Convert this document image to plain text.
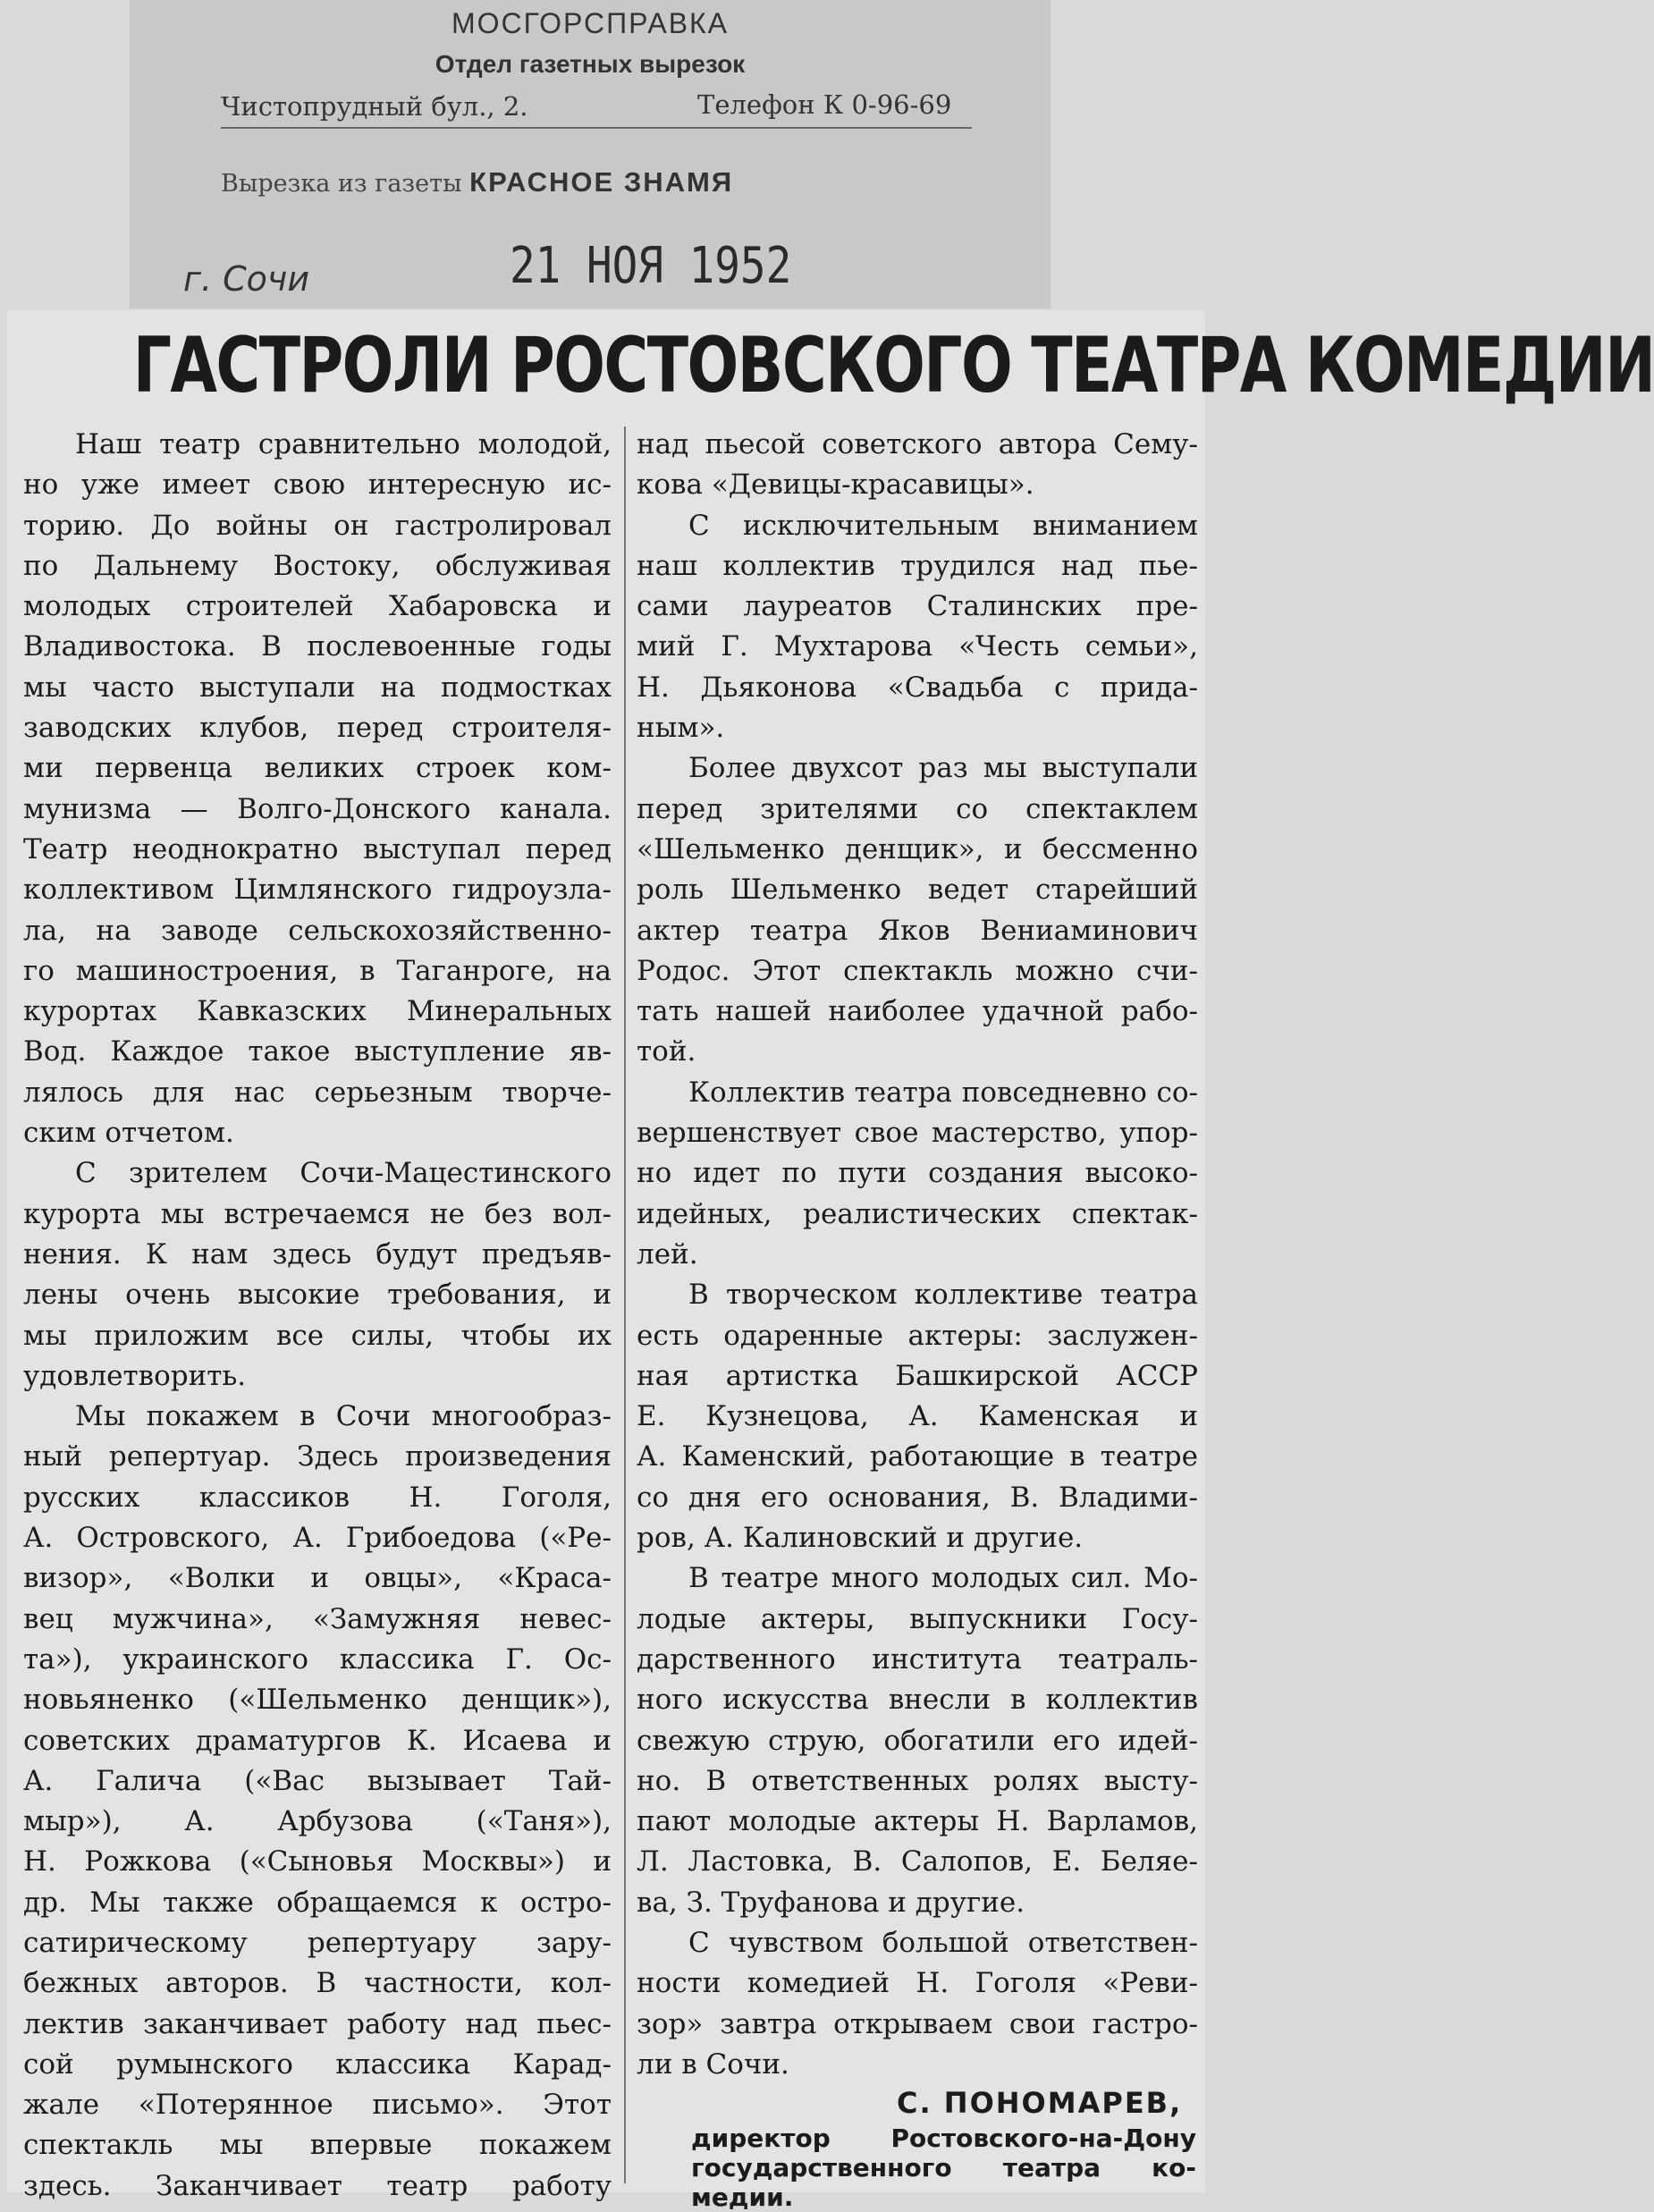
МОСГОРСПРАВКА
Отдел газетных вырезок
Чистопрудный бул., 2.	Телефон К 0-96-69
Вырезка из газеты КРАСНОЕ ЗНАМЯ
г. Сочи	21 НОЯ 1952
ГАСТРОЛИ РОСТОВСКОГО ТЕАТРА КОМЕДИИ
Наш театр сравнительно молодой,
но уже имеет свою интересную ис-
торию. До войны он гастролировал
по Дальнему Востоку, обслуживая
молодых строителей Хабаровска и
Владивостока. В послевоенные годы
мы часто выступали на подмостках
заводских клубов, перед строителя-
ми первенца великих строек ком-
мунизма — Волго-Донского канала.
Театр неоднократно выступал перед
коллективом Цимлянского гидроузла-
ла, на заводе сельскохозяйственно-
го машиностроения, в Таганроге, на
курортах Кавказских Минеральных
Вод. Каждое такое выступление яв-
лялось для нас серьезным творче-
ским отчетом.
С зрителем Сочи-Мацестинского
курорта мы встречаемся не без вол-
нения. К нам здесь будут предъяв-
лены очень высокие требования, и
мы приложим все силы, чтобы их
удовлетворить.
Мы покажем в Сочи многообраз-
ный репертуар. Здесь произведения
русских классиков Н. Гоголя,
А. Островского, А. Грибоедова («Ре-
визор», «Волки и овцы», «Краса-
вец мужчина», «Замужняя невес-
та»), украинского классика Г. Ос-
новьяненко («Шельменко денщик»),
советских драматургов К. Исаева и
А. Галича («Вас вызывает Тай-
мыр»), А. Арбузова («Таня»),
Н. Рожкова («Сыновья Москвы») и
др. Мы также обращаемся к остро-
сатирическому репертуару зару-
бежных авторов. В частности, кол-
лектив заканчивает работу над пьес-
сой румынского классика Карад-
жале «Потерянное письмо». Этот
спектакль мы впервые покажем
здесь. Заканчивает театр работу
над пьесой советского автора Сему-
кова «Девицы-красавицы».
С исключительным вниманием
наш коллектив трудился над пье-
сами лауреатов Сталинских пре-
мий Г. Мухтарова «Честь семьи»,
Н. Дьяконова «Свадьба с прида-
ным».
Более двухсот раз мы выступали
перед зрителями со спектаклем
«Шельменко денщик», и бессменно
роль Шельменко ведет старейший
актер театра Яков Вениаминович
Родос. Этот спектакль можно счи-
тать нашей наиболее удачной рабо-
той.
Коллектив театра повседневно со-
вершенствует свое мастерство, упор-
но идет по пути создания высоко-
идейных, реалистических спектак-
лей.
В творческом коллективе театра
есть одаренные актеры: заслужен-
ная артистка Башкирской АССР
Е. Кузнецова, А. Каменская и
А. Каменский, работающие в театре
со дня его основания, В. Владими-
ров, А. Калиновский и другие.
В театре много молодых сил. Мо-
лодые актеры, выпускники Госу-
дарственного института театраль-
ного искусства внесли в коллектив
свежую струю, обогатили его идей-
но. В ответственных ролях высту-
пают молодые актеры Н. Варламов,
Л. Ластовка, В. Салопов, Е. Беляе-
ва, З. Труфанова и другие.
С чувством большой ответствен-
ности комедией Н. Гоголя «Реви-
зор» завтра открываем свои гастро-
ли в Сочи.
С. ПОНОМАРЕВ,
директор Ростовского-на-Дону
государственного театра ко-
медии.
